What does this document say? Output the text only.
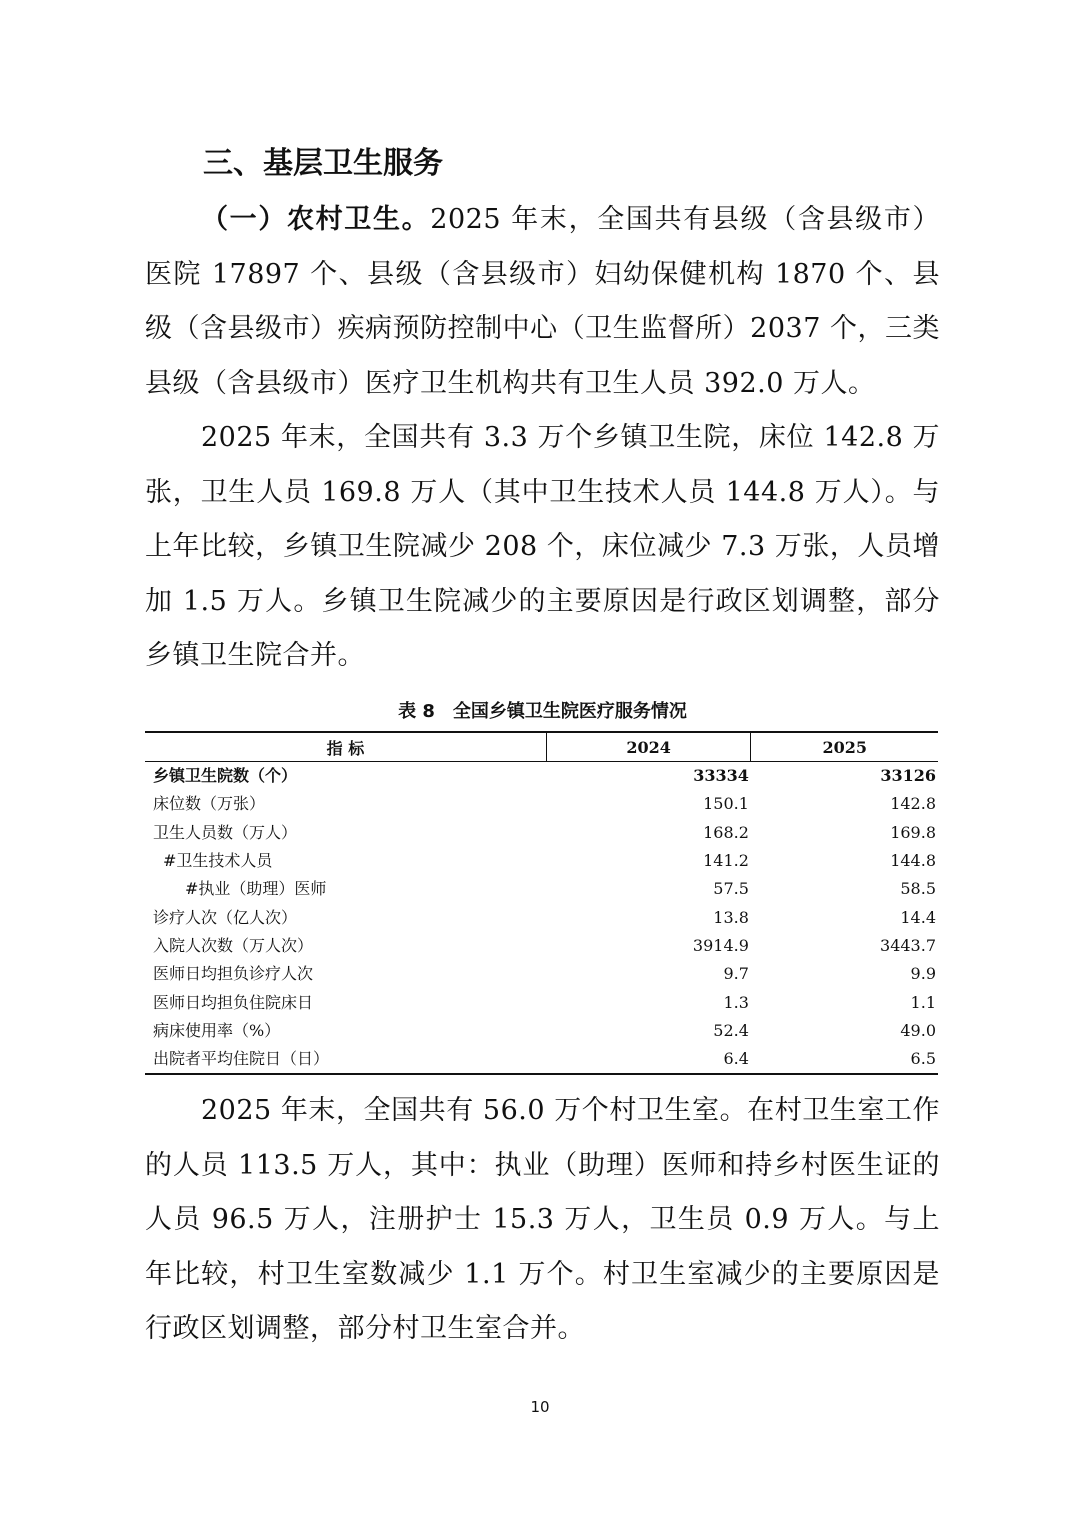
三、基层卫生服务

（一）农村卫生。2025 年末，全国共有县级（含县级市）医院 17897 个、县级（含县级市）妇幼保健机构 1870 个、县级（含县级市）疾病预防控制中心（卫生监督所）2037 个，三类县级（含县级市）医疗卫生机构共有卫生人员 392.0 万人。

2025 年末，全国共有 3.3 万个乡镇卫生院，床位 142.8 万张，卫生人员 169.8 万人（其中卫生技术人员 144.8 万人）。与上年比较，乡镇卫生院减少 208 个，床位减少 7.3 万张，人员增加 1.5 万人。乡镇卫生院减少的主要原因是行政区划调整，部分乡镇卫生院合并。

表 8　全国乡镇卫生院医疗服务情况

指 标	2024	2025
乡镇卫生院数（个）	33334	33126
床位数（万张）	150.1	142.8
卫生人员数（万人）	168.2	169.8
#卫生技术人员	141.2	144.8
#执业（助理）医师	57.5	58.5
诊疗人次（亿人次）	13.8	14.4
入院人次数（万人次）	3914.9	3443.7
医师日均担负诊疗人次	9.7	9.9
医师日均担负住院床日	1.3	1.1
病床使用率（%）	52.4	49.0
出院者平均住院日（日）	6.4	6.5

2025 年末，全国共有 56.0 万个村卫生室。在村卫生室工作的人员 113.5 万人，其中：执业（助理）医师和持乡村医生证的人员 96.5 万人，注册护士 15.3 万人，卫生员 0.9 万人。与上年比较，村卫生室数减少 1.1 万个。村卫生室减少的主要原因是行政区划调整，部分村卫生室合并。

10
